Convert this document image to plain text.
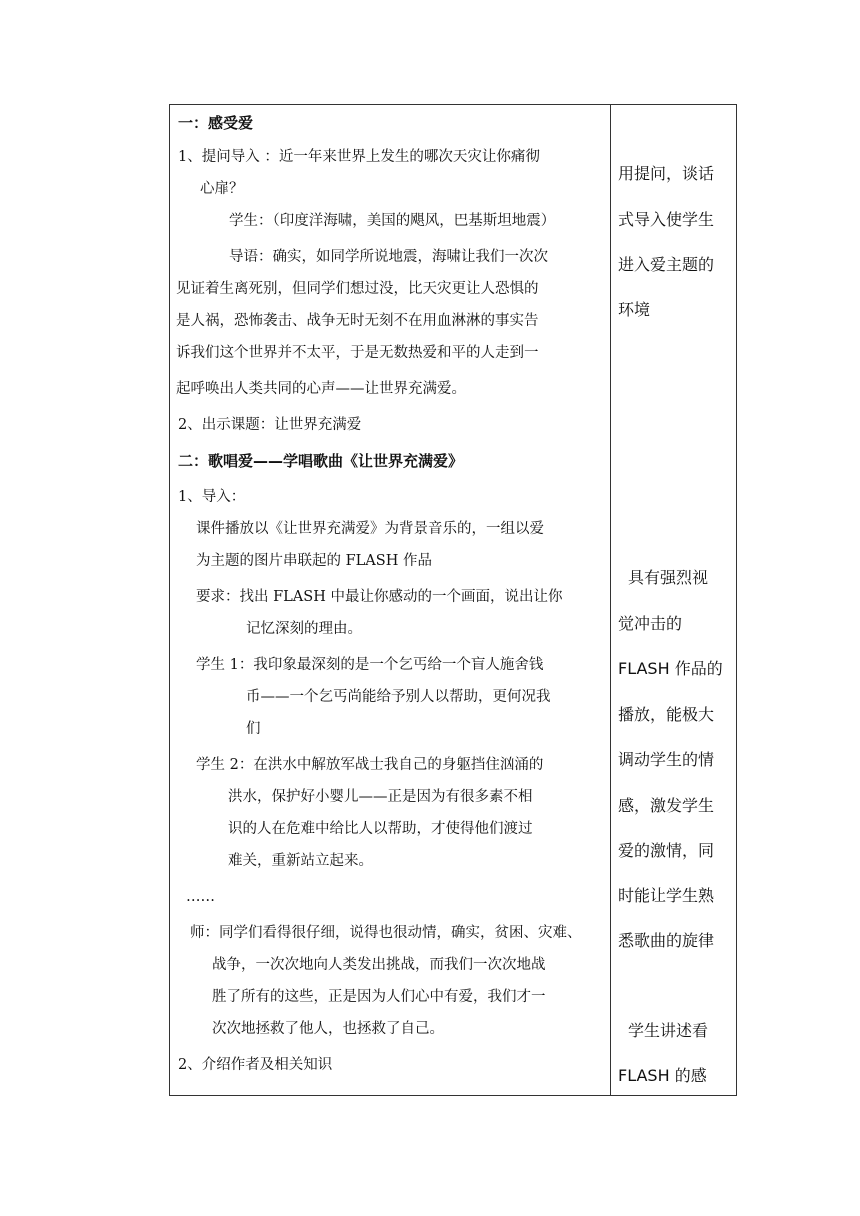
一：感受爱
1、提问导入 ：近一年来世界上发生的哪次天灾让你痛彻
心扉？
学生：（印度洋海啸，美国的飓风，巴基斯坦地震）
导语：确实，如同学所说地震，海啸让我们一次次
见证着生离死别，但同学们想过没，比天灾更让人恐惧的
是人祸，恐怖袭击、战争无时无刻不在用血淋淋的事实告
诉我们这个世界并不太平，于是无数热爱和平的人走到一
起呼唤出人类共同的心声——让世界充满爱。
2、出示课题：让世界充满爱
二：歌唱爱——学唱歌曲《让世界充满爱》
1、导入：
课件播放以《让世界充满爱》为背景音乐的，一组以爱
为主题的图片串联起的 FLASH 作品
要求：找出 FLASH 中最让你感动的一个画面，说出让你
记忆深刻的理由。
学生 1：我印象最深刻的是一个乞丐给一个盲人施舍钱
币——一个乞丐尚能给予别人以帮助，更何况我
们
学生 2：在洪水中解放军战士我自己的身躯挡住汹涌的
洪水，保护好小婴儿——正是因为有很多素不相
识的人在危难中给比人以帮助，才使得他们渡过
难关，重新站立起来。
……
师：同学们看得很仔细，说得也很动情，确实，贫困、灾难、
战争，一次次地向人类发出挑战，而我们一次次地战
胜了所有的这些，正是因为人们心中有爱，我们才一
次次地拯救了他人，也拯救了自己。
2、介绍作者及相关知识
用提问，谈话
式导入使学生
进入爱主题的
环境
具有强烈视
觉冲击的
FLASH 作品的
播放，能极大
调动学生的情
感，激发学生
爱的激情，同
时能让学生熟
悉歌曲的旋律
学生讲述看
FLASH 的感
